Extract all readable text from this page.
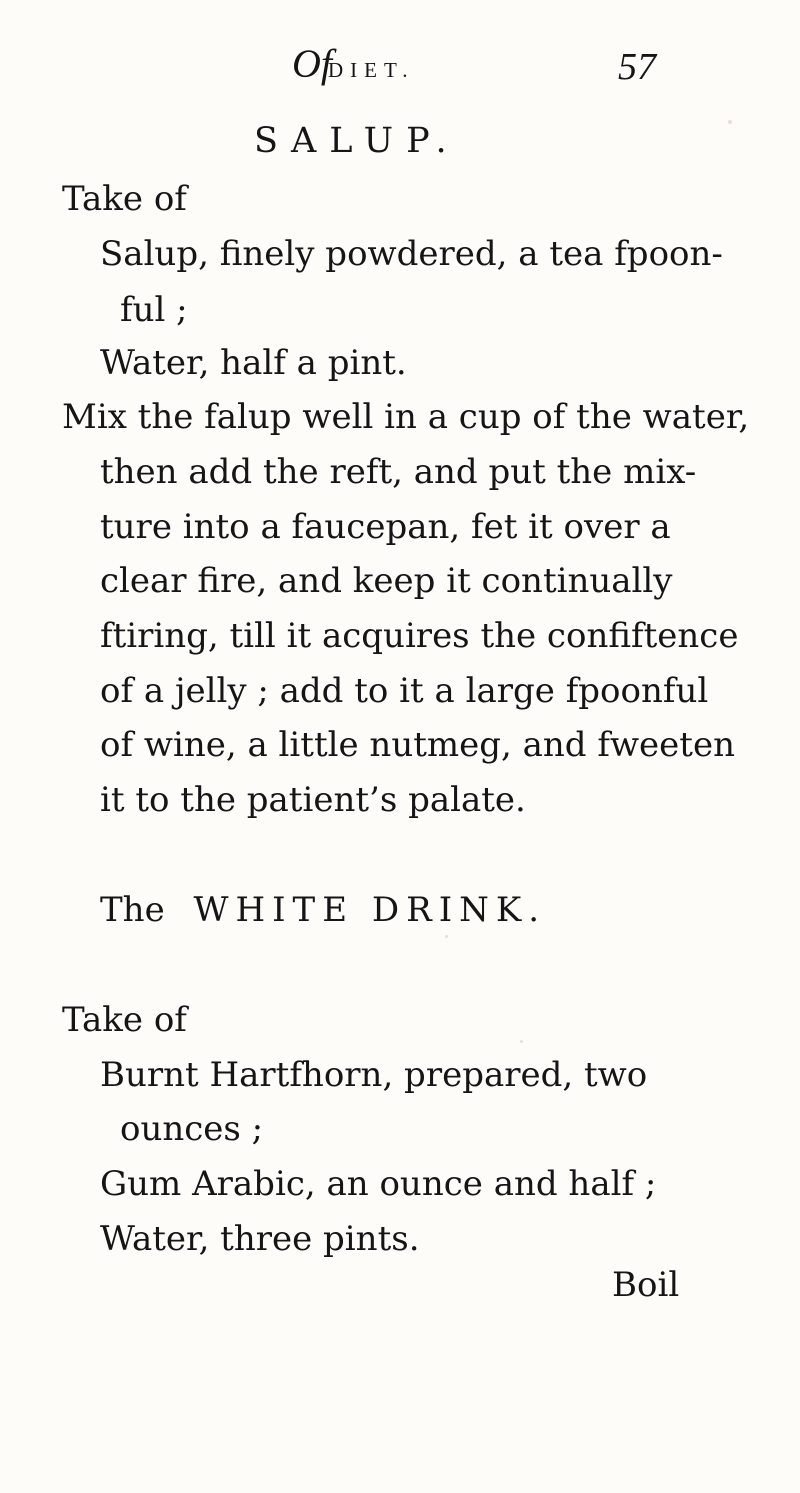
Of
DIET.	57
SALUP.
Take of
Salup, finely powdered, a tea fpoon-
ful ;
Water, half a pint.
Mix the falup well in a cup of the water,
then add the reft, and put the mix-
ture into a faucepan, fet it over a
clear fire, and keep it continually
ftiring, till it acquires the confiftence
of a jelly ; add to it a large fpoonful
of wine, a little nutmeg, and fweeten
it to the patient’s palate.
The WHITE DRINK.
Take of
Burnt Hartfhorn, prepared, two
ounces ;
Gum Arabic, an ounce and half ;
Water, three pints.
Boil
